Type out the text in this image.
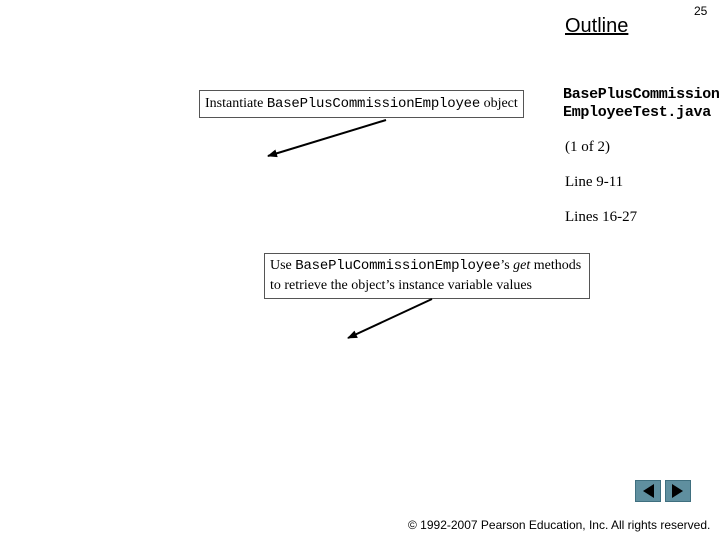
25
Outline
BasePlusCommission
EmployeeTest.java
(1 of 2)
Line 9-11
Lines 16-27
Instantiate BasePlusCommissionEmployee object
Use BasePluCommissionEmployee’s get methods
to retrieve the object’s instance variable values
© 1992-2007 Pearson Education, Inc. All rights reserved.
